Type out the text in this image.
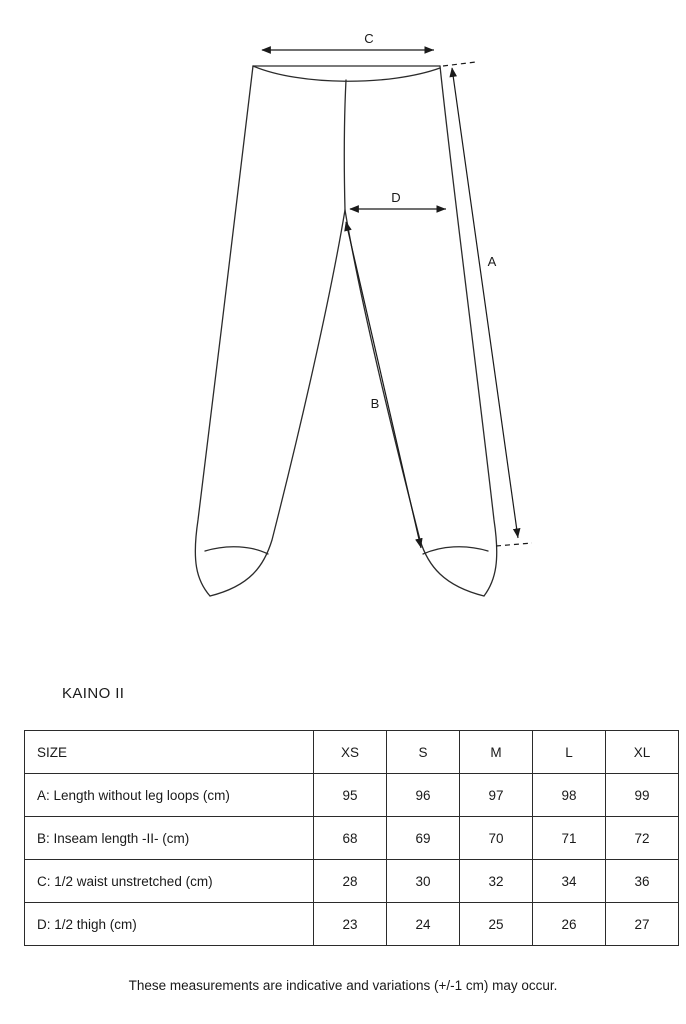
C
D
A
B
KAINO II
SIZE	XS	S	M	L	XL
A: Length without leg loops (cm)	95	96	97	98	99
B: Inseam length -II- (cm)	68	69	70	71	72
C: 1/2 waist unstretched (cm)	28	30	32	34	36
D: 1/2 thigh (cm)	23	24	25	26	27
These measurements are indicative and variations (+/-1 cm) may occur.
